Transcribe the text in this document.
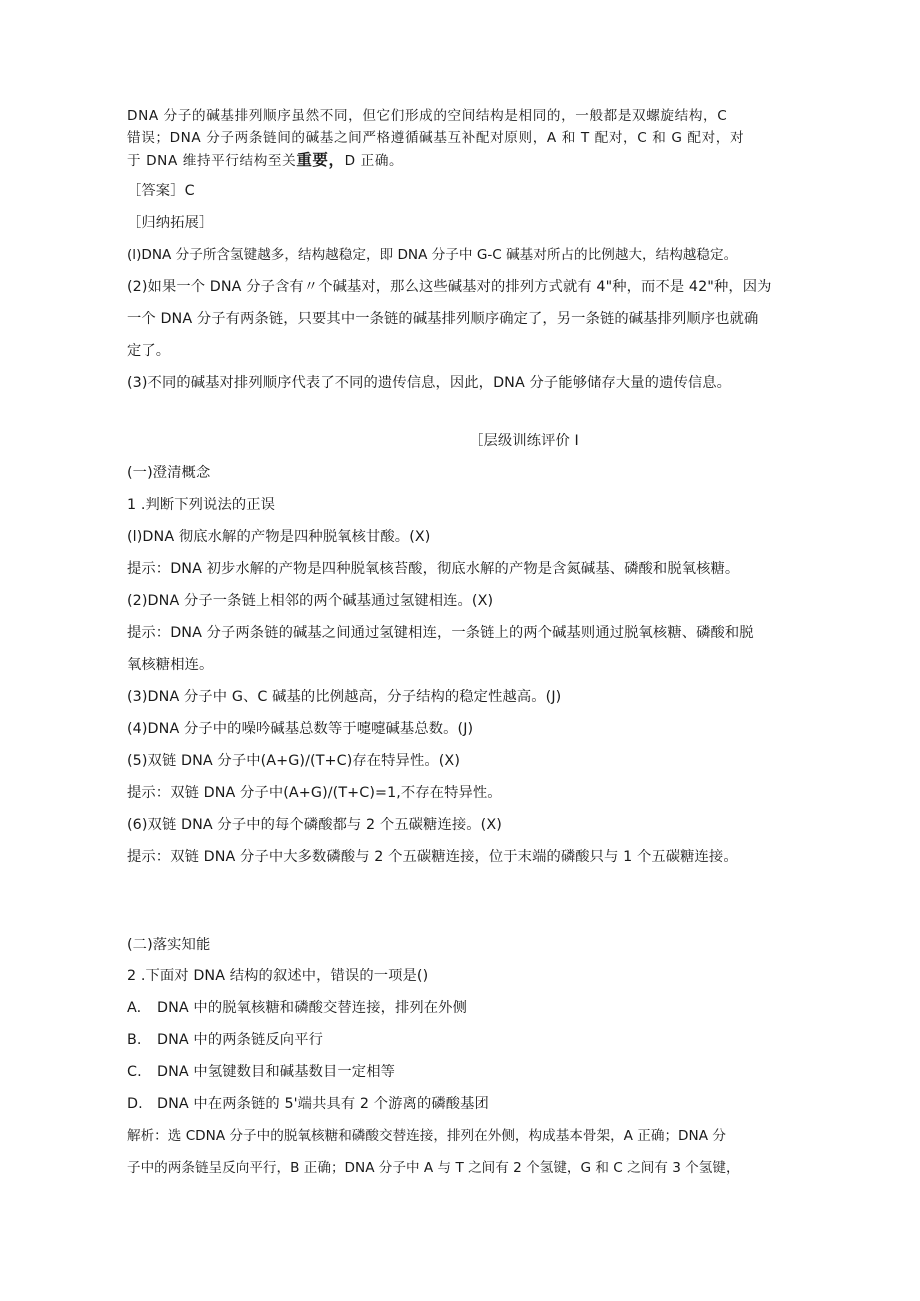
DNA 分子的碱基排列顺序虽然不同，但它们形成的空间结构是相同的，一般都是双螺旋结构，C
错误；DNA 分子两条链间的碱基之间严格遵循碱基互补配对原则，A 和 T 配对，C 和 G 配对，对
于 DNA 维持平行结构至关重要，D 正确。
［答案］C
［归纳拓展］
(l)DNA 分子所含氢键越多，结构越稳定，即 DNA 分子中 G-C 碱基对所占的比例越大，结构越稳定。
(2)如果一个 DNA 分子含有〃个碱基对，那么这些碱基对的排列方式就有 4"种，而不是 42"种，因为
一个 DNA 分子有两条链，只要其中一条链的碱基排列顺序确定了，另一条链的碱基排列顺序也就确
定了。
(3)不同的碱基对排列顺序代表了不同的遗传信息，因此，DNA 分子能够储存大量的遗传信息。
［层级训练评价 I
(一)澄清概念
1 .判断下列说法的正误
(l)DNA 彻底水解的产物是四种脱氧核甘酸。(X)
提示：DNA 初步水解的产物是四种脱氧核苔酸，彻底水解的产物是含氮碱基、磷酸和脱氧核糖。
(2)DNA 分子一条链上相邻的两个碱基通过氢键相连。(X)
提示：DNA 分子两条链的碱基之间通过氢键相连，一条链上的两个碱基则通过脱氧核糖、磷酸和脱
氧核糖相连。
(3)DNA 分子中 G、C 碱基的比例越高，分子结构的稳定性越高。(J)
(4)DNA 分子中的噪吟碱基总数等于嚏嚏碱基总数。(J)
(5)双链 DNA 分子中(A+G)∕(T+C)存在特异性。(X)
提示：双链 DNA 分子中(A+G)∕(T+C)=1,不存在特异性。
(6)双链 DNA 分子中的每个磷酸都与 2 个五碳糖连接。(X)
提示：双链 DNA 分子中大多数磷酸与 2 个五碳糖连接，位于末端的磷酸只与 1 个五碳糖连接。
(二)落实知能
2 .下面对 DNA 结构的叙述中，错误的一项是()
A. DNA 中的脱氧核糖和磷酸交替连接，排列在外侧
B. DNA 中的两条链反向平行
C. DNA 中氢键数目和碱基数目一定相等
D. DNA 中在两条链的 5'端共具有 2 个游离的磷酸基团
解析：选 CDNA 分子中的脱氧核糖和磷酸交替连接，排列在外侧，构成基本骨架，A 正确；DNA 分
子中的两条链呈反向平行，B 正确；DNA 分子中 A 与 T 之间有 2 个氢键，G 和 C 之间有 3 个氢键，
